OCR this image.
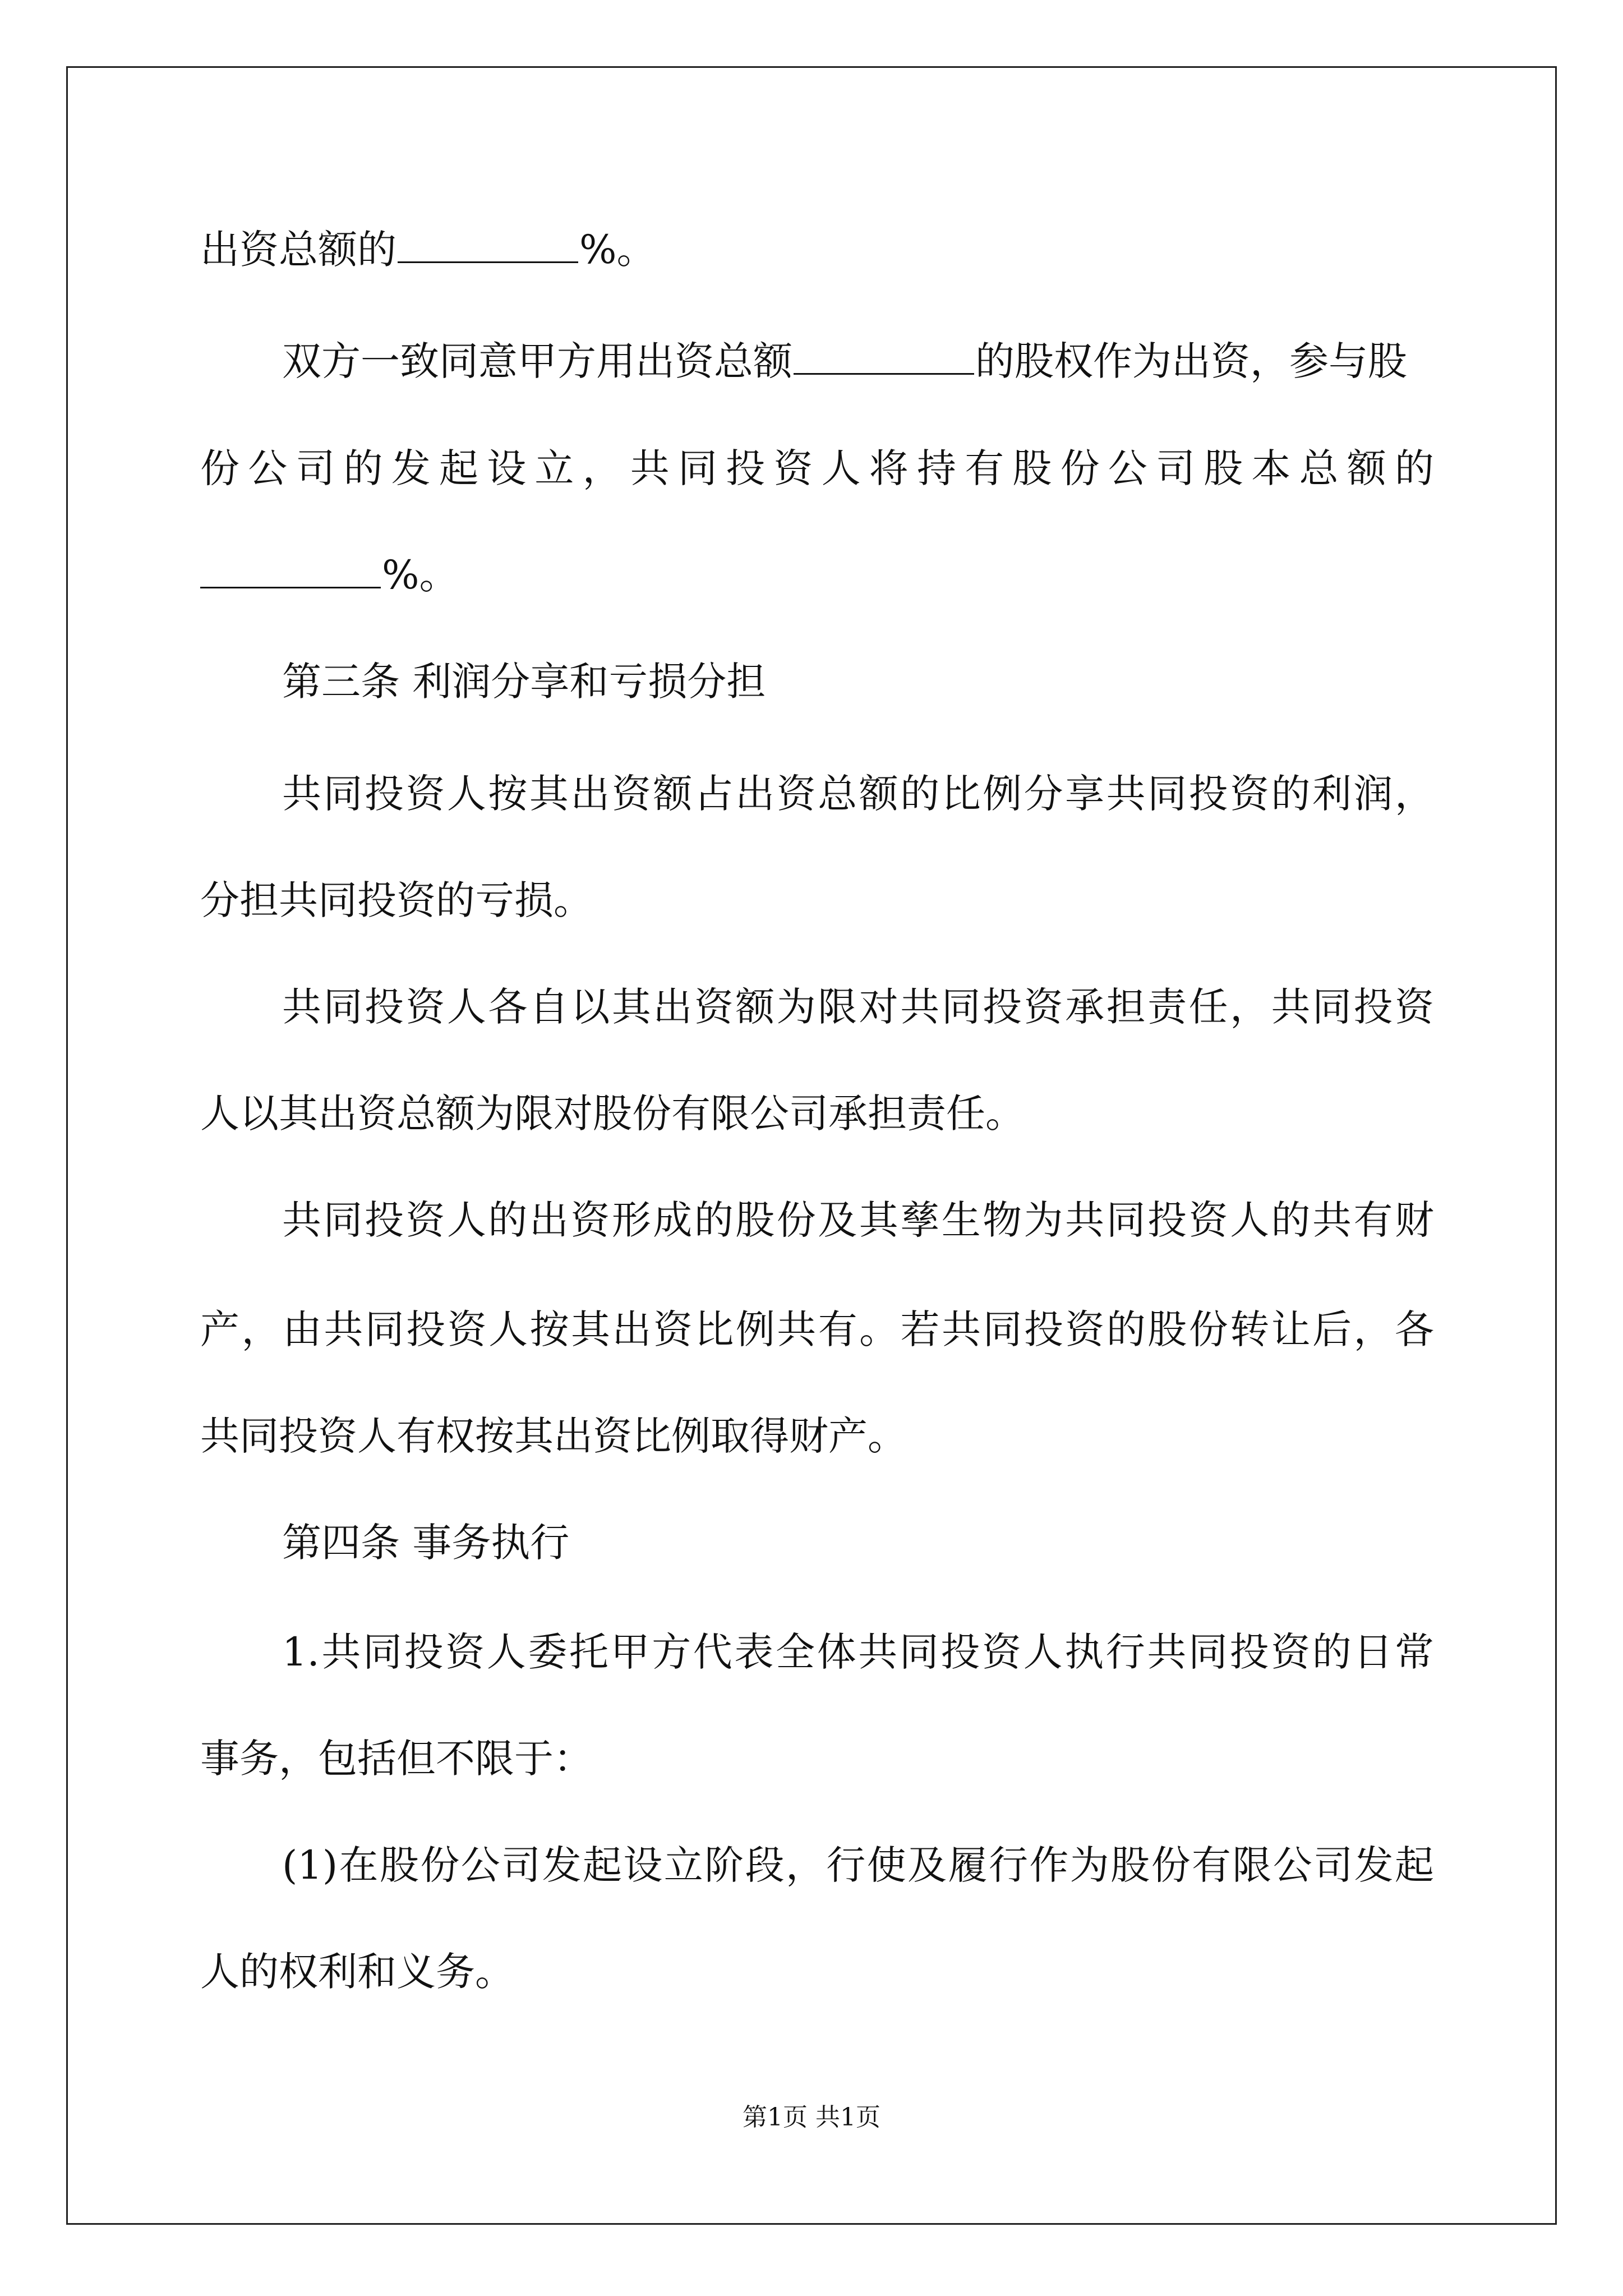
出资总额的	%。
双方一致同意甲方用出资总额	的股权作为出资，参与股
份公司的发起设立，共同投资人将持有股份公司股本总额的
%。
第三条 利润分享和亏损分担
共同投资人按其出资额占出资总额的比例分享共同投资的利润，
分担共同投资的亏损。
共同投资人各自以其出资额为限对共同投资承担责任，共同投资
人以其出资总额为限对股份有限公司承担责任。
共同投资人的出资形成的股份及其孳生物为共同投资人的共有财
产，由共同投资人按其出资比例共有。若共同投资的股份转让后，各
共同投资人有权按其出资比例取得财产。
第四条 事务执行
1.共同投资人委托甲方代表全体共同投资人执行共同投资的日常
事务，包括但不限于：
(1)在股份公司发起设立阶段，行使及履行作为股份有限公司发起
人的权利和义务。
第1页 共1页
